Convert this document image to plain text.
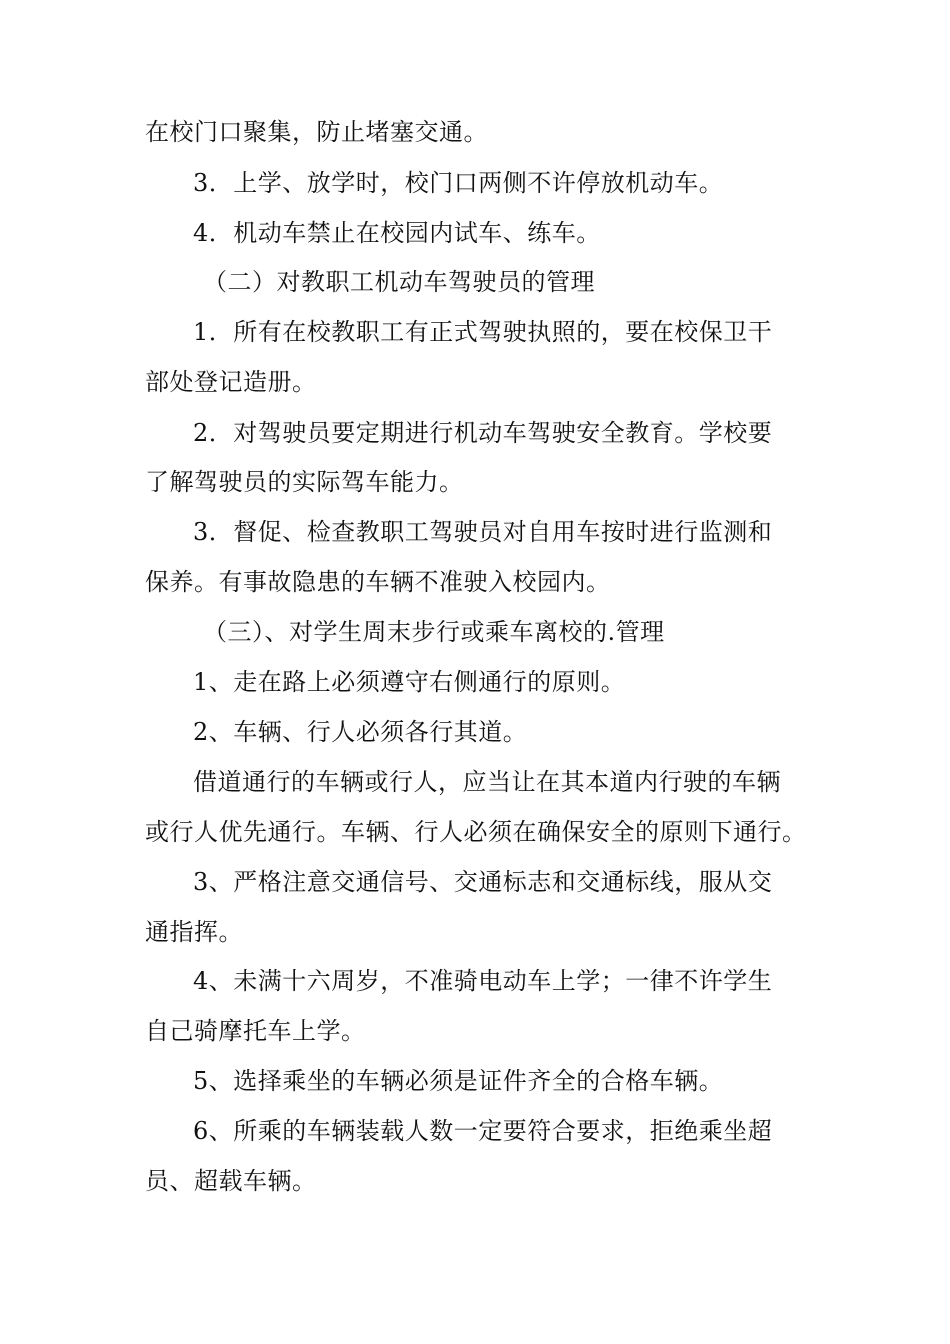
在校门口聚集，防止堵塞交通。
3．上学、放学时，校门口两侧不许停放机动车。
4．机动车禁止在校园内试车、练车。
（二）对教职工机动车驾驶员的管理
1．所有在校教职工有正式驾驶执照的，要在校保卫干
部处登记造册。
2．对驾驶员要定期进行机动车驾驶安全教育。学校要
了解驾驶员的实际驾车能力。
3．督促、检查教职工驾驶员对自用车按时进行监测和
保养。有事故隐患的车辆不准驶入校园内。
（三）、对学生周末步行或乘车离校的.管理
1、走在路上必须遵守右侧通行的原则。
2、车辆、行人必须各行其道。
借道通行的车辆或行人，应当让在其本道内行驶的车辆
或行人优先通行。车辆、行人必须在确保安全的原则下通行。
3、严格注意交通信号、交通标志和交通标线，服从交
通指挥。
4、未满十六周岁，不准骑电动车上学；一律不许学生
自己骑摩托车上学。
5、选择乘坐的车辆必须是证件齐全的合格车辆。
6、所乘的车辆装载人数一定要符合要求，拒绝乘坐超
员、超载车辆。
